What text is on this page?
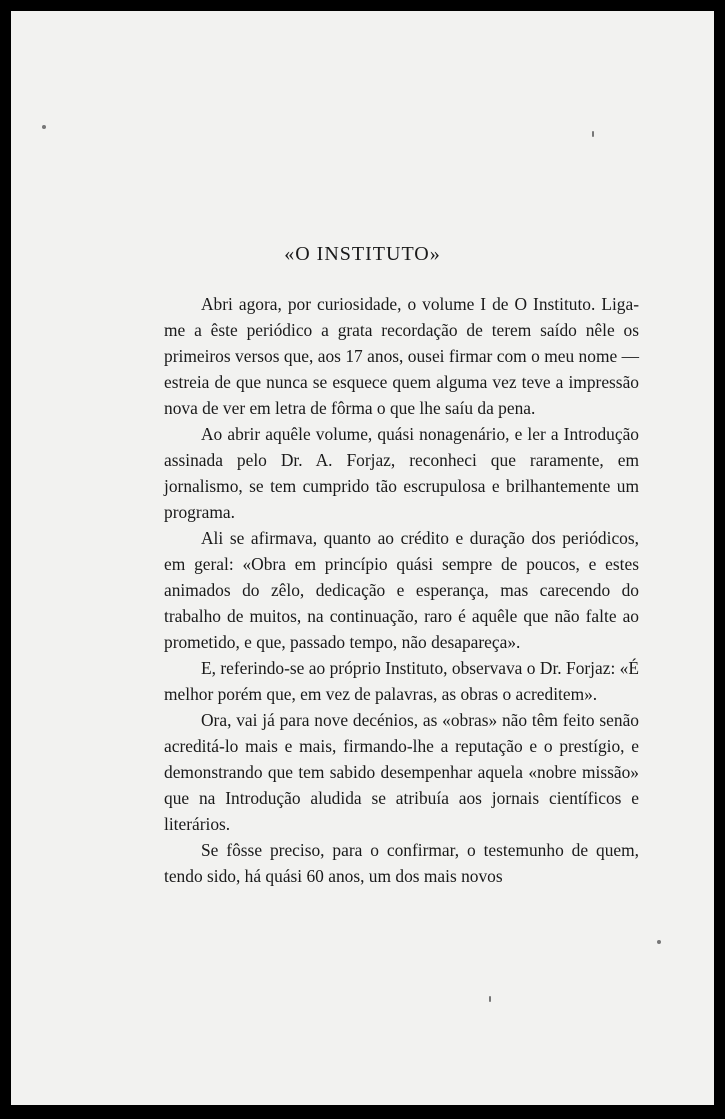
«O INSTITUTO»

Abri agora, por curiosidade, o volume I de O Instituto. Liga-me a êste periódico a grata recordação de terem saído nêle os primeiros versos que, aos 17 anos, ousei firmar com o meu nome — estreia de que nunca se esquece quem alguma vez teve a impressão nova de ver em letra de fôrma o que lhe saíu da pena.

Ao abrir aquêle volume, quási nonagenário, e ler a Introdução assinada pelo Dr. A. Forjaz, reconheci que raramente, em jornalismo, se tem cumprido tão escrupulosa e brilhantemente um programa.

Ali se afirmava, quanto ao crédito e duração dos periódicos, em geral: «Obra em princípio quási sempre de poucos, e estes animados do zêlo, dedicação e esperança, mas carecendo do trabalho de muitos, na continuação, raro é aquêle que não falte ao prometido, e que, passado tempo, não desapareça».

E, referindo-se ao próprio Instituto, observava o Dr. Forjaz: «É melhor porém que, em vez de palavras, as obras o acreditem».

Ora, vai já para nove decénios, as «obras» não têm feito senão acreditá-lo mais e mais, firmando-lhe a reputação e o prestígio, e demonstrando que tem sabido desempenhar aquela «nobre missão» que na Introdução aludida se atribuía aos jornais científicos e literários.

Se fôsse preciso, para o confirmar, o testemunho de quem, tendo sido, há quási 60 anos, um dos mais novos
